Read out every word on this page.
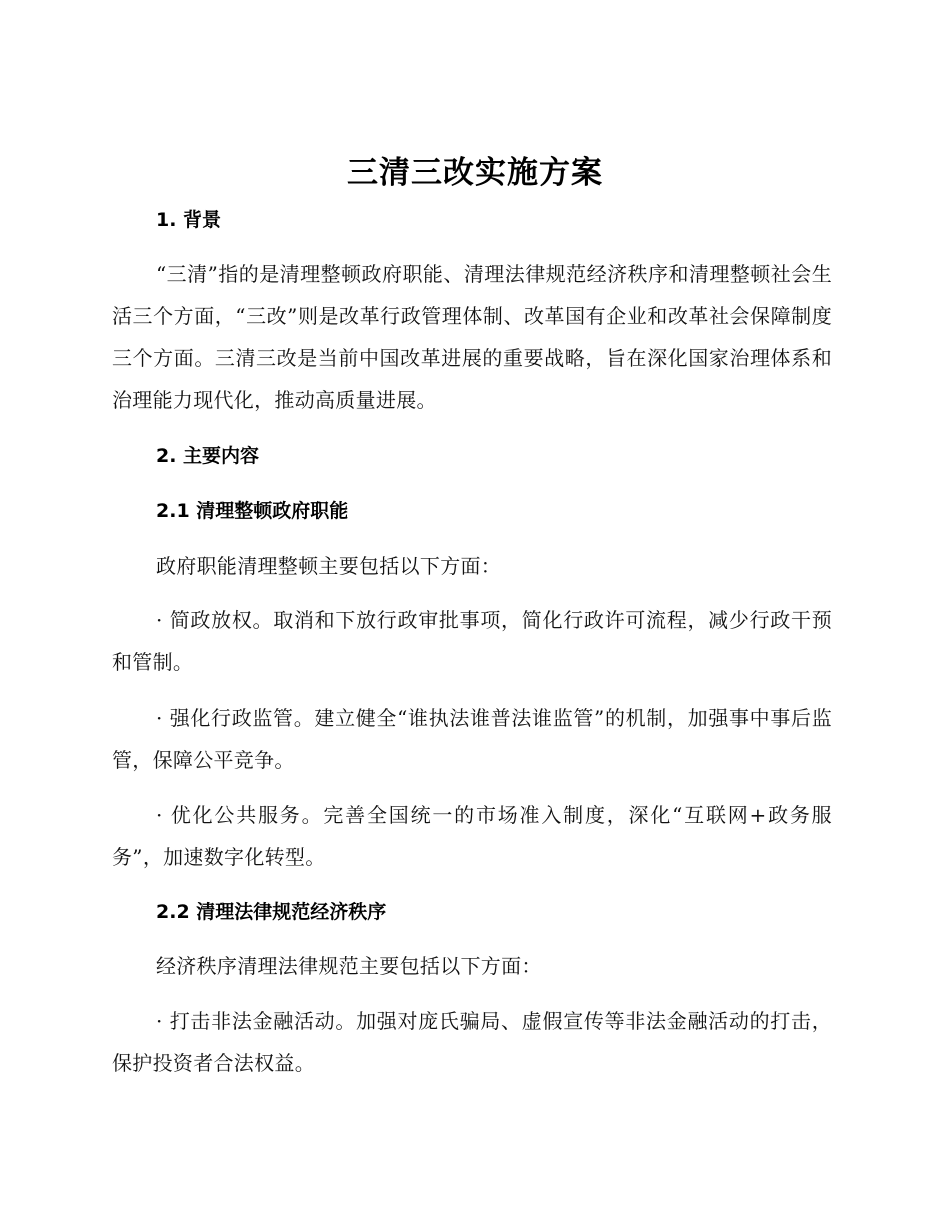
三清三改实施方案
1. 背景

“三清”指的是清理整顿政府职能、清理法律规范经济秩序和清理整顿社会生活三个方面，“三改”则是改革行政管理体制、改革国有企业和改革社会保障制度三个方面。三清三改是当前中国改革进展的重要战略，旨在深化国家治理体系和治理能力现代化，推动高质量进展。

2. 主要内容
2.1 清理整顿政府职能

政府职能清理整顿主要包括以下方面：

· 简政放权。取消和下放行政审批事项，简化行政许可流程，减少行政干预和管制。

· 强化行政监管。建立健全“谁执法谁普法谁监管”的机制，加强事中事后监管，保障公平竞争。

· 优化公共服务。完善全国统一的市场准入制度，深化“互联网+政务服务”，加速数字化转型。

2.2 清理法律规范经济秩序

经济秩序清理法律规范主要包括以下方面：

· 打击非法金融活动。加强对庞氏骗局、虚假宣传等非法金融活动的打击，保护投资者合法权益。
